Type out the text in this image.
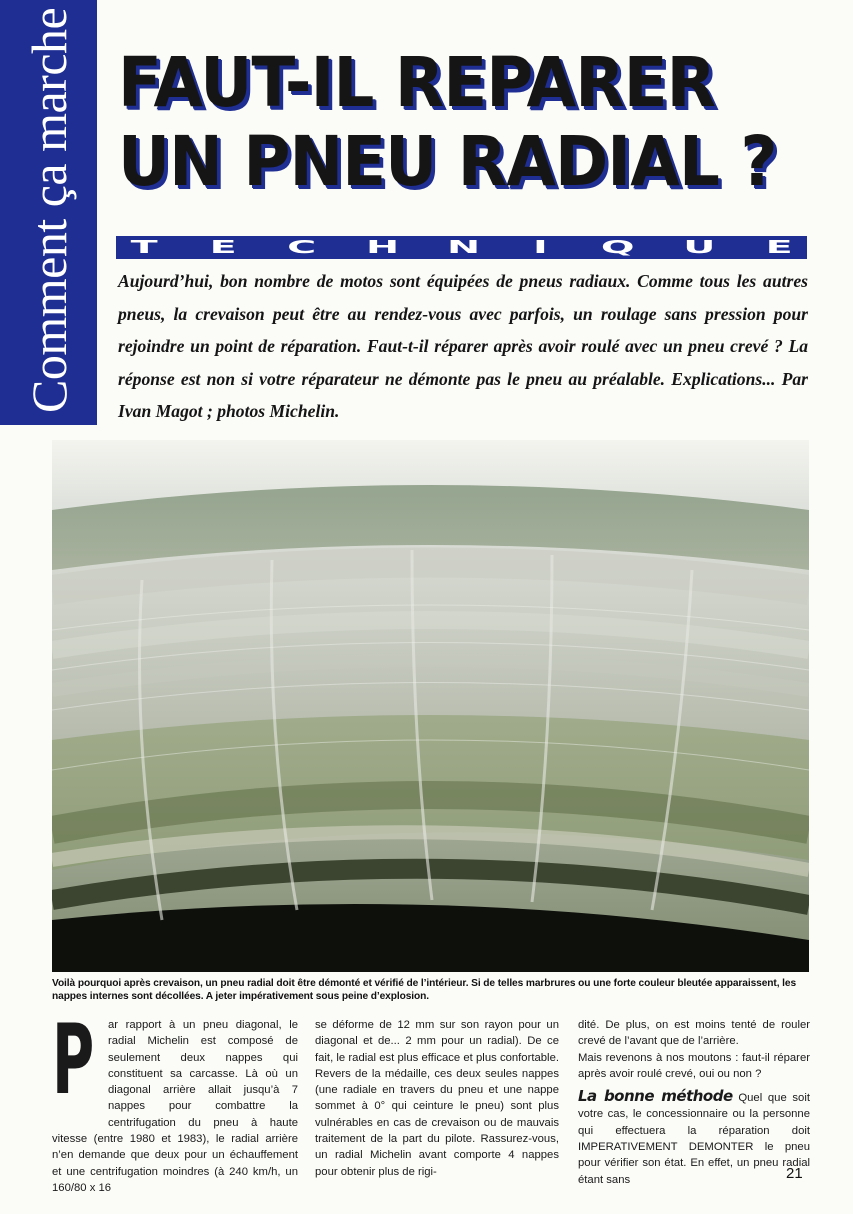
Comment ça marche FAUT-IL REPARER
UN PNEU RADIAL ?
T	E	C	H	N	I	Q	U	E

Aujourd’hui, bon nombre de motos sont équipées de pneus radiaux. Comme tous les autres pneus, la crevaison peut être au rendez-vous avec parfois, un roulage sans pression pour rejoindre un point de réparation. Faut-t-il réparer après avoir roulé avec un pneu crevé ? La réponse est non si votre réparateur ne démonte pas le pneu au préalable. Explications... Par Ivan Magot ; photos Michelin.

Voilà pourquoi après crevaison, un pneu radial doit être démonté et vérifié de l’intérieur. Si de telles marbrures ou une forte couleur bleutée apparaissent, les nappes internes sont décollées. A jeter impérativement sous peine d’explosion.

P ar rapport à un pneu diagonal, le radial Michelin est composé de seulement deux nappes qui constituent sa carcasse. Là où un diagonal arrière allait jusqu’à 7 nappes pour combattre la centrifugation du pneu à haute vitesse (entre 1980 et 1983), le radial arrière n’en demande que deux pour un échauffement et une centrifugation moindres (à 240 km/h, un 160/80 x 16
se déforme de 12 mm sur son rayon pour un diagonal et de... 2 mm pour un radial). De ce fait, le radial est plus efficace et plus confortable. Revers de la médaille, ces deux seules nappes (une radiale en travers du pneu et une nappe sommet à 0° qui ceinture le pneu) sont plus vulnérables en cas de crevaison ou de mauvais traitement de la part du pilote. Rassurez-vous, un radial Michelin avant comporte 4 nappes pour obtenir plus de rigi-

dité. De plus, on est moins tenté de rouler crevé de l’avant que de l’arrière.

Mais revenons à nos moutons : faut-il réparer après avoir roulé crevé, oui ou non ?

La bonne méthode Quel que soit votre cas, le concessionnaire ou la personne qui effectuera la réparation doit IMPERATIVEMENT DEMONTER le pneu pour vérifier son état. En effet, un pneu radial étant sans	21
